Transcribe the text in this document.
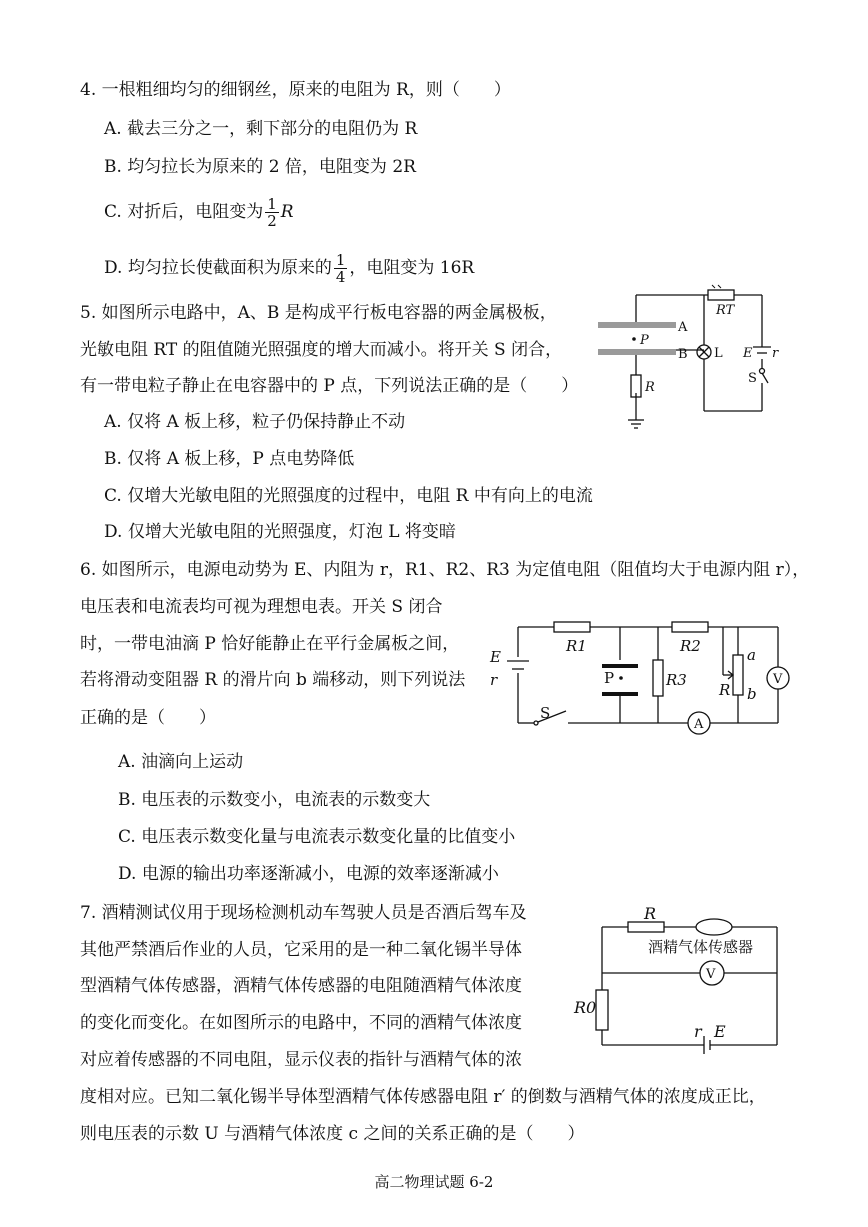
4. 一根粗细均匀的细钢丝，原来的电阻为 R，则（　　）
A. 截去三分之一，剩下部分的电阻仍为 R
B. 均匀拉长为原来的 2 倍，电阻变为 2R
C. 对折后，电阻变为 $\frac{1}{2}$ R
D. 均匀拉长使截面积为原来的 $\frac{1}{4}$ ，电阻变为 16R
5. 如图所示电路中，A、B 是构成平行板电容器的两金属极板，
光敏电阻 RT 的阻值随光照强度的增大而减小。将开关 S 闭合，
有一带电粒子静止在电容器中的 P 点，下列说法正确的是（　　）
A. 仅将 A 板上移，粒子仍保持静止不动
B. 仅将 A 板上移，P 点电势降低
C. 仅增大光敏电阻的光照强度的过程中，电阻 R 中有向上的电流
D. 仅增大光敏电阻的光照强度，灯泡 L 将变暗
A
B
P
RT
R
L E r
S
6. 如图所示，电源电动势为 E、内阻为 r，R1、R2、R3 为定值电阻（阻值均大于电源内阻 r），
电压表和电流表均可视为理想电表。开关 S 闭合
时，一带电油滴 P 恰好能静止在平行金属板之间，
若将滑动变阻器 R 的滑片向 b 端移动，则下列说法
正确的是（　　）
A. 油滴向上运动
B. 电压表的示数变小，电流表的示数变大
C. 电压表示数变化量与电流表示数变化量的比值变小
D. 电源的输出功率逐渐减小，电源的效率逐渐减小
E
r
S
R1	R2
R3
P
R
a
b
V
A
7. 酒精测试仪用于现场检测机动车驾驶人员是否酒后驾车及
其他严禁酒后作业的人员，它采用的是一种二氧化锡半导体
型酒精气体传感器，酒精气体传感器的电阻随酒精气体浓度
的变化而变化。在如图所示的电路中，不同的酒精气体浓度
对应着传感器的不同电阻，显示仪表的指针与酒精气体的浓
度相对应。已知二氧化锡半导体型酒精气体传感器电阻 r′ 的倒数与酒精气体的浓度成正比，
则电压表的示数 U 与酒精气体浓度 c 之间的关系正确的是（　　）
R
酒精气体传感器
V
R0
r E
高二物理试题 6-2
